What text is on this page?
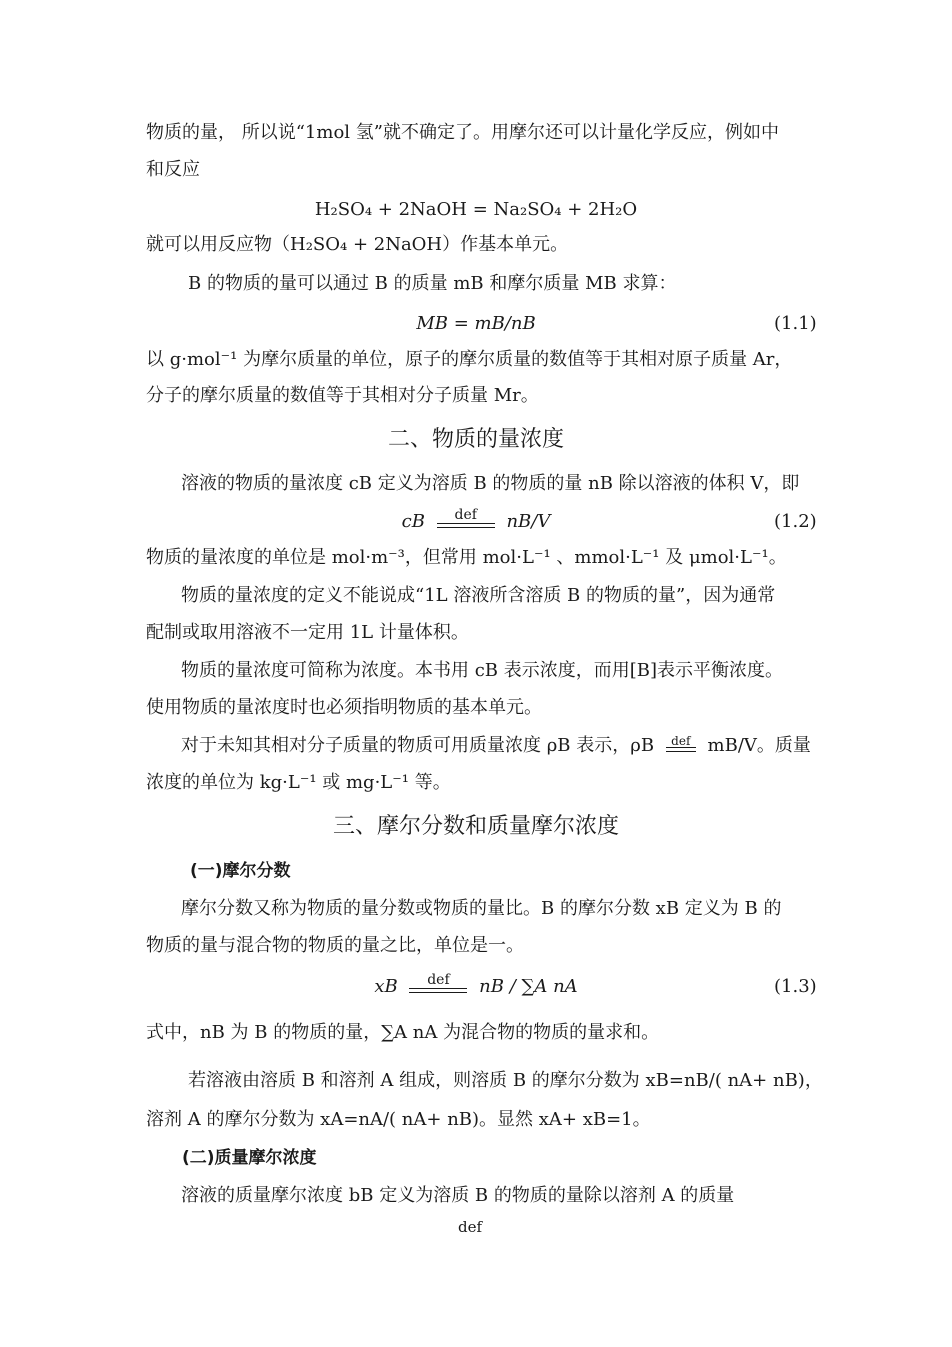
物质的量， 所以说“1mol 氢”就不确定了。用摩尔还可以计量化学反应，例如中
和反应
H₂SO₄ + 2NaOH = Na₂SO₄ + 2H₂O
就可以用反应物（H₂SO₄ + 2NaOH）作基本单元。
B 的物质的量可以通过 B 的质量 mB 和摩尔质量 MB 求算：
MB = mB/nB	(1.1)
以 g·mol⁻¹ 为摩尔质量的单位，原子的摩尔质量的数值等于其相对原子质量 Ar，
分子的摩尔质量的数值等于其相对分子质量 Mr。
二、物质的量浓度
溶液的物质的量浓度 cB 定义为溶质 B 的物质的量 nB 除以溶液的体积 V，即
cB	def	nB/V	(1.2)
物质的量浓度的单位是 mol·m⁻³，但常用 mol·L⁻¹ 、mmol·L⁻¹ 及 μmol·L⁻¹。
物质的量浓度的定义不能说成“1L 溶液所含溶质 B 的物质的量”，因为通常
配制或取用溶液不一定用 1L 计量体积。
物质的量浓度可简称为浓度。本书用 cB 表示浓度，而用[B]表示平衡浓度。
使用物质的量浓度时也必须指明物质的基本单元。
对于未知其相对分子质量的物质可用质量浓度 ρB 表示，ρB	def mB/V。质量
浓度的单位为 kg·L⁻¹ 或 mg·L⁻¹ 等。
三、摩尔分数和质量摩尔浓度
(一)摩尔分数
摩尔分数又称为物质的量分数或物质的量比。B 的摩尔分数 xB 定义为 B 的
物质的量与混合物的物质的量之比，单位是一。
xB	def	nB / ∑A nA	(1.3)
式中，nB 为 B 的物质的量，∑A nA 为混合物的物质的量求和。
若溶液由溶质 B 和溶剂 A 组成，则溶质 B 的摩尔分数为 xB=nB/( nA+ nB)，
溶剂 A 的摩尔分数为 xA=nA/( nA+ nB)。显然 xA+ xB=1。
(二)质量摩尔浓度
溶液的质量摩尔浓度 bB 定义为溶质 B 的物质的量除以溶剂 A 的质量
def
